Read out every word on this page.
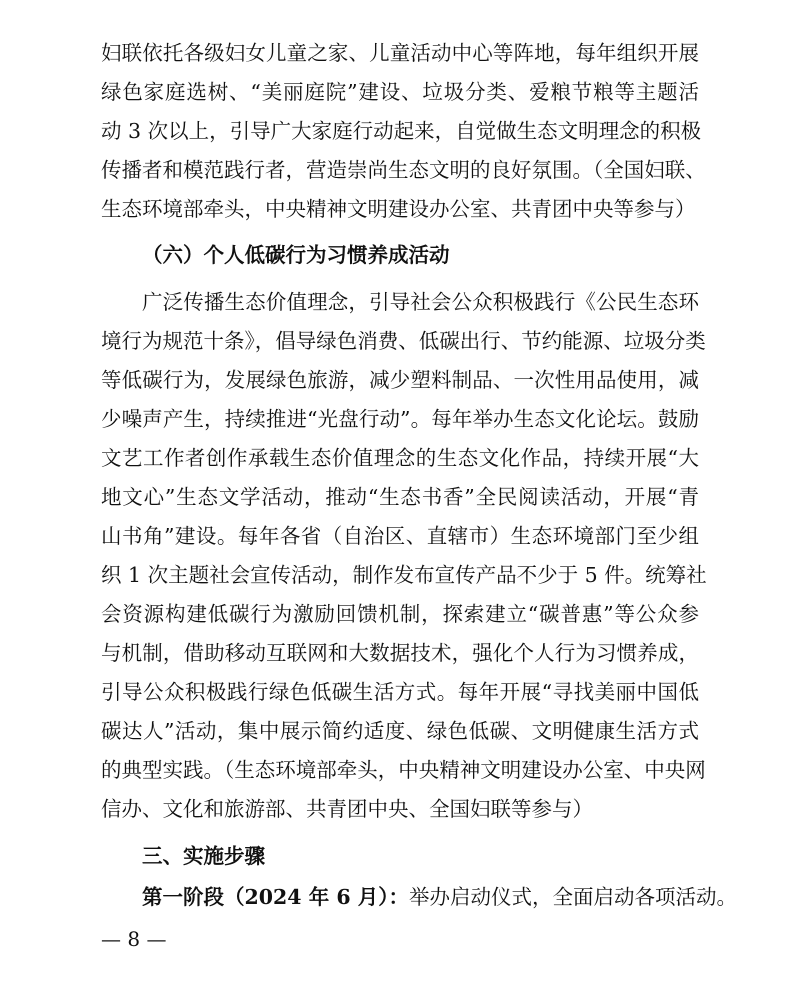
妇联依托各级妇女儿童之家、儿童活动中心等阵地，每年组织开展
绿色家庭选树、“美丽庭院”建设、垃圾分类、爱粮节粮等主题活
动 3 次以上，引导广大家庭行动起来，自觉做生态文明理念的积极
传播者和模范践行者，营造崇尚生态文明的良好氛围。（全国妇联、
生态环境部牵头，中央精神文明建设办公室、共青团中央等参与）
（六）个人低碳行为习惯养成活动
广泛传播生态价值理念，引导社会公众积极践行《公民生态环
境行为规范十条》，倡导绿色消费、低碳出行、节约能源、垃圾分类
等低碳行为，发展绿色旅游，减少塑料制品、一次性用品使用，减
少噪声产生，持续推进“光盘行动”。每年举办生态文化论坛。鼓励
文艺工作者创作承载生态价值理念的生态文化作品，持续开展“大
地文心”生态文学活动，推动“生态书香”全民阅读活动，开展“青
山书角”建设。每年各省（自治区、直辖市）生态环境部门至少组
织 1 次主题社会宣传活动，制作发布宣传产品不少于 5 件。统筹社
会资源构建低碳行为激励回馈机制，探索建立“碳普惠”等公众参
与机制，借助移动互联网和大数据技术，强化个人行为习惯养成，
引导公众积极践行绿色低碳生活方式。每年开展“寻找美丽中国低
碳达人”活动，集中展示简约适度、绿色低碳、文明健康生活方式
的典型实践。（生态环境部牵头，中央精神文明建设办公室、中央网
信办、文化和旅游部、共青团中央、全国妇联等参与）
三、实施步骤
第一阶段（2024 年 6 月）：举办启动仪式，全面启动各项活动。
— 8 —
